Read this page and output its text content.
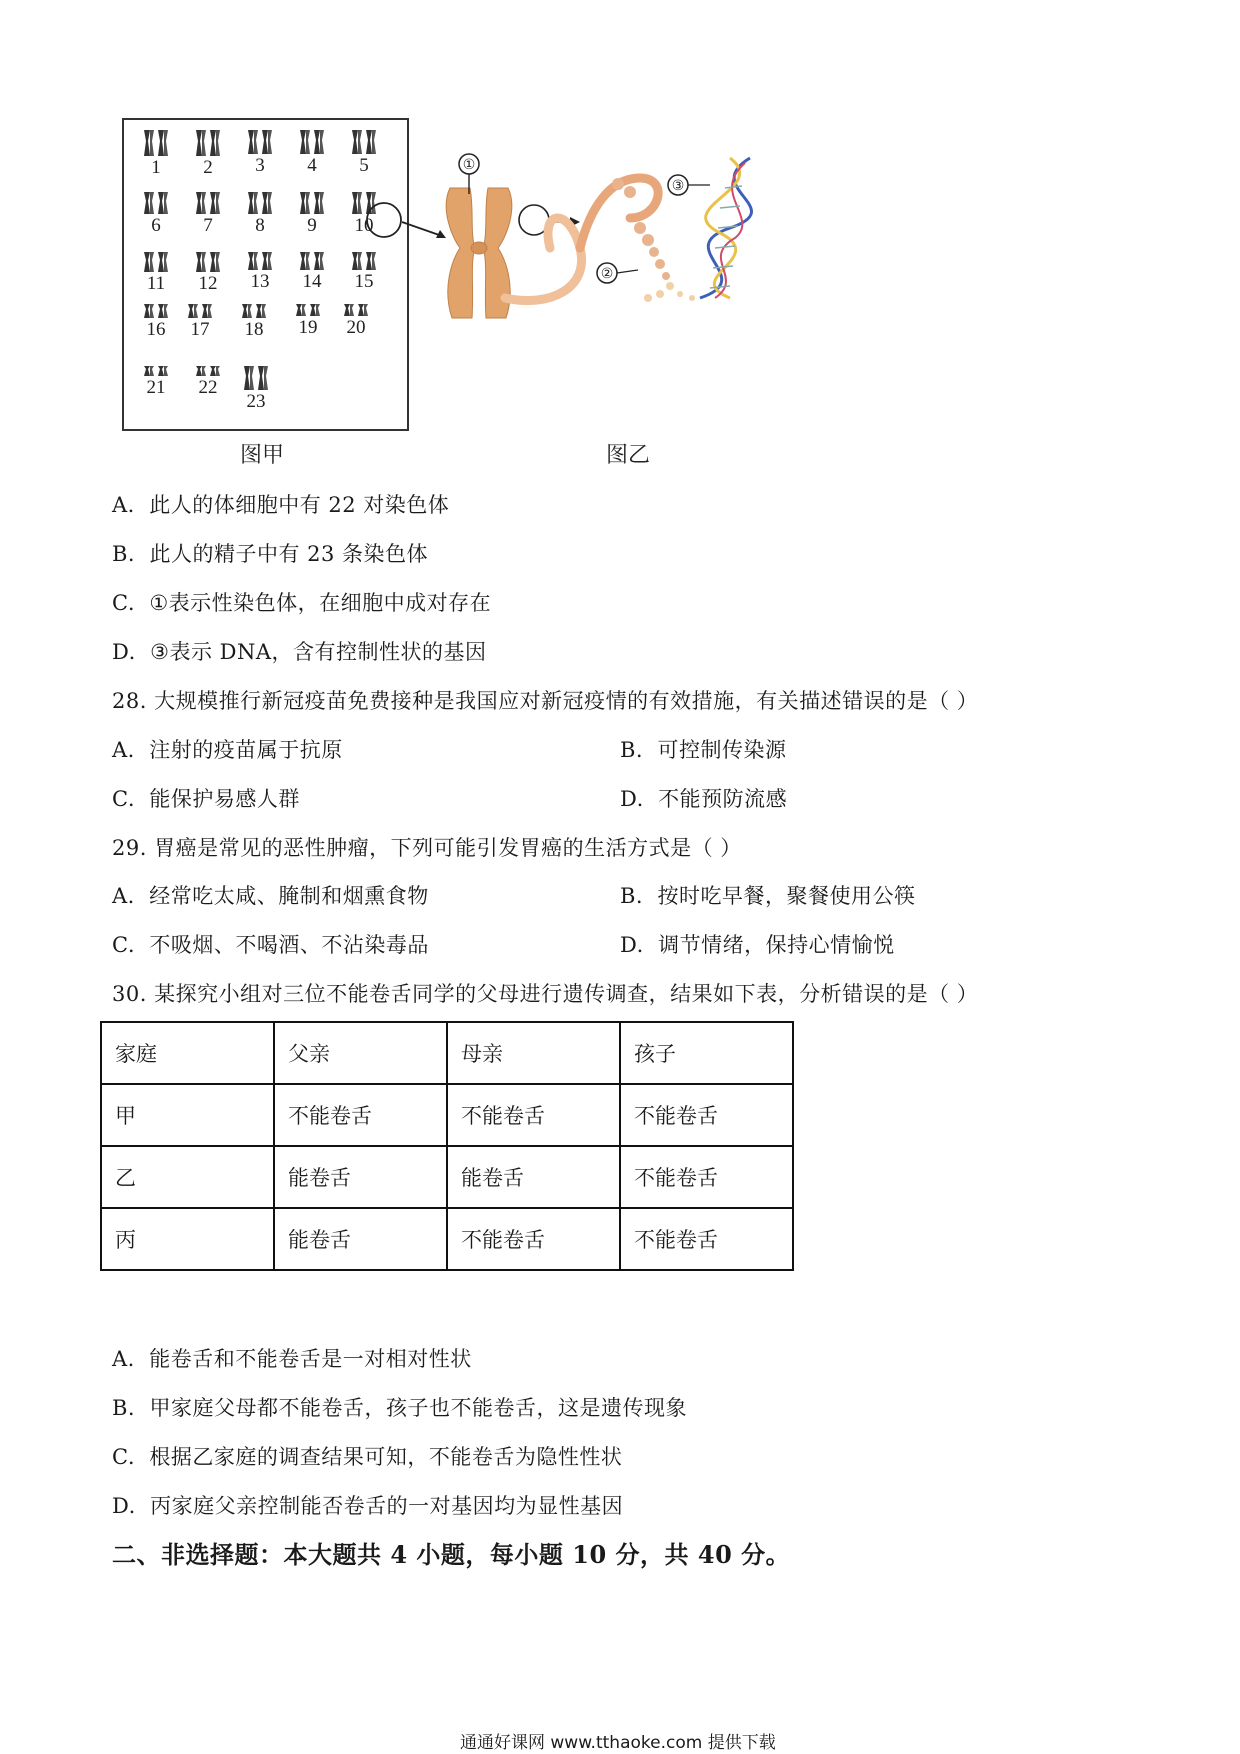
1	2	3	4	5
6	7	8	9	10
11	12	13	14	15
16	17	18	19	20
21	22
23
①
②
③
图甲	图乙
A. 此人的体细胞中有 22 对染色体
B. 此人的精子中有 23 条染色体
C. ①表示性染色体，在细胞中成对存在
D. ③表示 DNA，含有控制性状的基因
28. 大规模推行新冠疫苗免费接种是我国应对新冠疫情的有效措施，有关描述错误的是（ ）
A. 注射的疫苗属于抗原	B. 可控制传染源
C. 能保护易感人群	D. 不能预防流感
29. 胃癌是常见的恶性肿瘤，下列可能引发胃癌的生活方式是（ ）
A. 经常吃太咸、腌制和烟熏食物	B. 按时吃早餐，聚餐使用公筷
C. 不吸烟、不喝酒、不沾染毒品	D. 调节情绪，保持心情愉悦
30. 某探究小组对三位不能卷舌同学的父母进行遗传调查，结果如下表，分析错误的是（ ）
家庭	父亲	母亲	孩子
甲	不能卷舌	不能卷舌	不能卷舌
乙	能卷舌	能卷舌	不能卷舌
丙	能卷舌	不能卷舌	不能卷舌
A. 能卷舌和不能卷舌是一对相对性状
B. 甲家庭父母都不能卷舌，孩子也不能卷舌，这是遗传现象
C. 根据乙家庭的调查结果可知，不能卷舌为隐性性状
D. 丙家庭父亲控制能否卷舌的一对基因均为显性基因
二、非选择题：本大题共 4 小题，每小题 10 分，共 40 分。
通通好课网 www.tthaoke.com 提供下载
